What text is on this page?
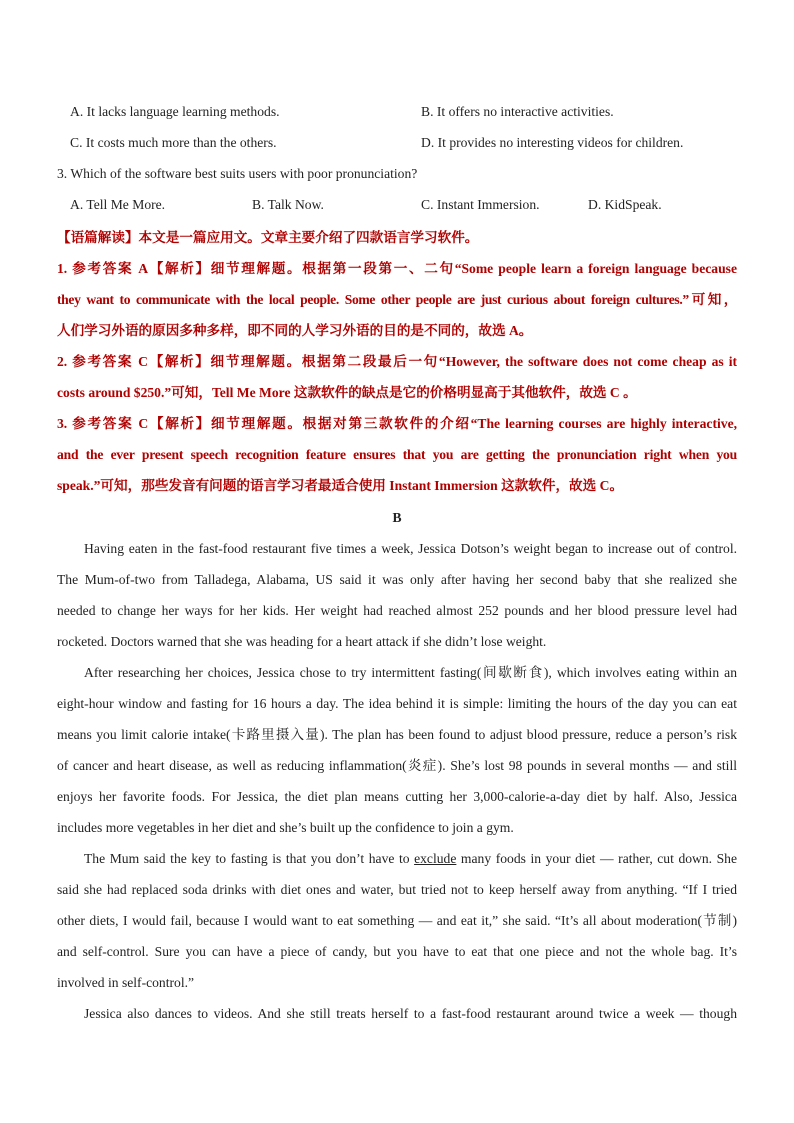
A. It lacks language learning methods.	B. It offers no interactive activities.
C. It costs much more than the others.	D. It provides no interesting videos for children.
3. Which of the software best suits users with poor pronunciation?
A. Tell Me More.	B. Talk Now.	C. Instant Immersion.	D. KidSpeak.
【语篇解读】本文是一篇应用文。文章主要介绍了四款语言学习软件。
1. 参考答案 A【解析】细节理解题。根据第一段第一、二句“Some people learn a foreign language because
they want to communicate with the local people. Some other people are just curious about foreign cultures.”可知，
人们学习外语的原因多种多样，即不同的人学习外语的目的是不同的，故选 A。
2. 参考答案 C【解析】细节理解题。根据第二段最后一句“However, the software does not come cheap as it
costs around $250.”可知，Tell Me More 这款软件的缺点是它的价格明显高于其他软件，故选 C 。
3. 参考答案 C【解析】细节理解题。根据对第三款软件的介绍“The learning courses are highly interactive,
and the ever present speech recognition feature ensures that you are getting the pronunciation right when you
speak.”可知，那些发音有问题的语言学习者最适合使用 Instant Immersion 这款软件，故选 C。
B
Having eaten in the fast-food restaurant five times a week, Jessica Dotson’s weight began to increase out of control.
The Mum-of-two from Talladega, Alabama, US said it was only after having her second baby that she realized she
needed to change her ways for her kids. Her weight had reached almost 252 pounds and her blood pressure level had
rocketed. Doctors warned that she was heading for a heart attack if she didn’t lose weight.
After researching her choices, Jessica chose to try intermittent fasting(间歇断食), which involves eating within an
eight-hour window and fasting for 16 hours a day. The idea behind it is simple: limiting the hours of the day you can eat
means you limit calorie intake(卡路里摄入量). The plan has been found to adjust blood pressure, reduce a person’s risk
of cancer and heart disease, as well as reducing inflammation(炎症). She’s lost 98 pounds in several months — and still
enjoys her favorite foods. For Jessica, the diet plan means cutting her 3,000-calorie-a-day diet by half. Also, Jessica
includes more vegetables in her diet and she’s built up the confidence to join a gym.
The Mum said the key to fasting is that you don’t have to exclude many foods in your diet — rather, cut down. She
said she had replaced soda drinks with diet ones and water, but tried not to keep herself away from anything. “If I tried
other diets, I would fail, because I would want to eat something — and eat it,” she said. “It’s all about moderation(节制)
and self-control. Sure you can have a piece of candy, but you have to eat that one piece and not the whole bag. It’s
involved in self-control.”
Jessica also dances to videos. And she still treats herself to a fast-food restaurant around twice a week — though
